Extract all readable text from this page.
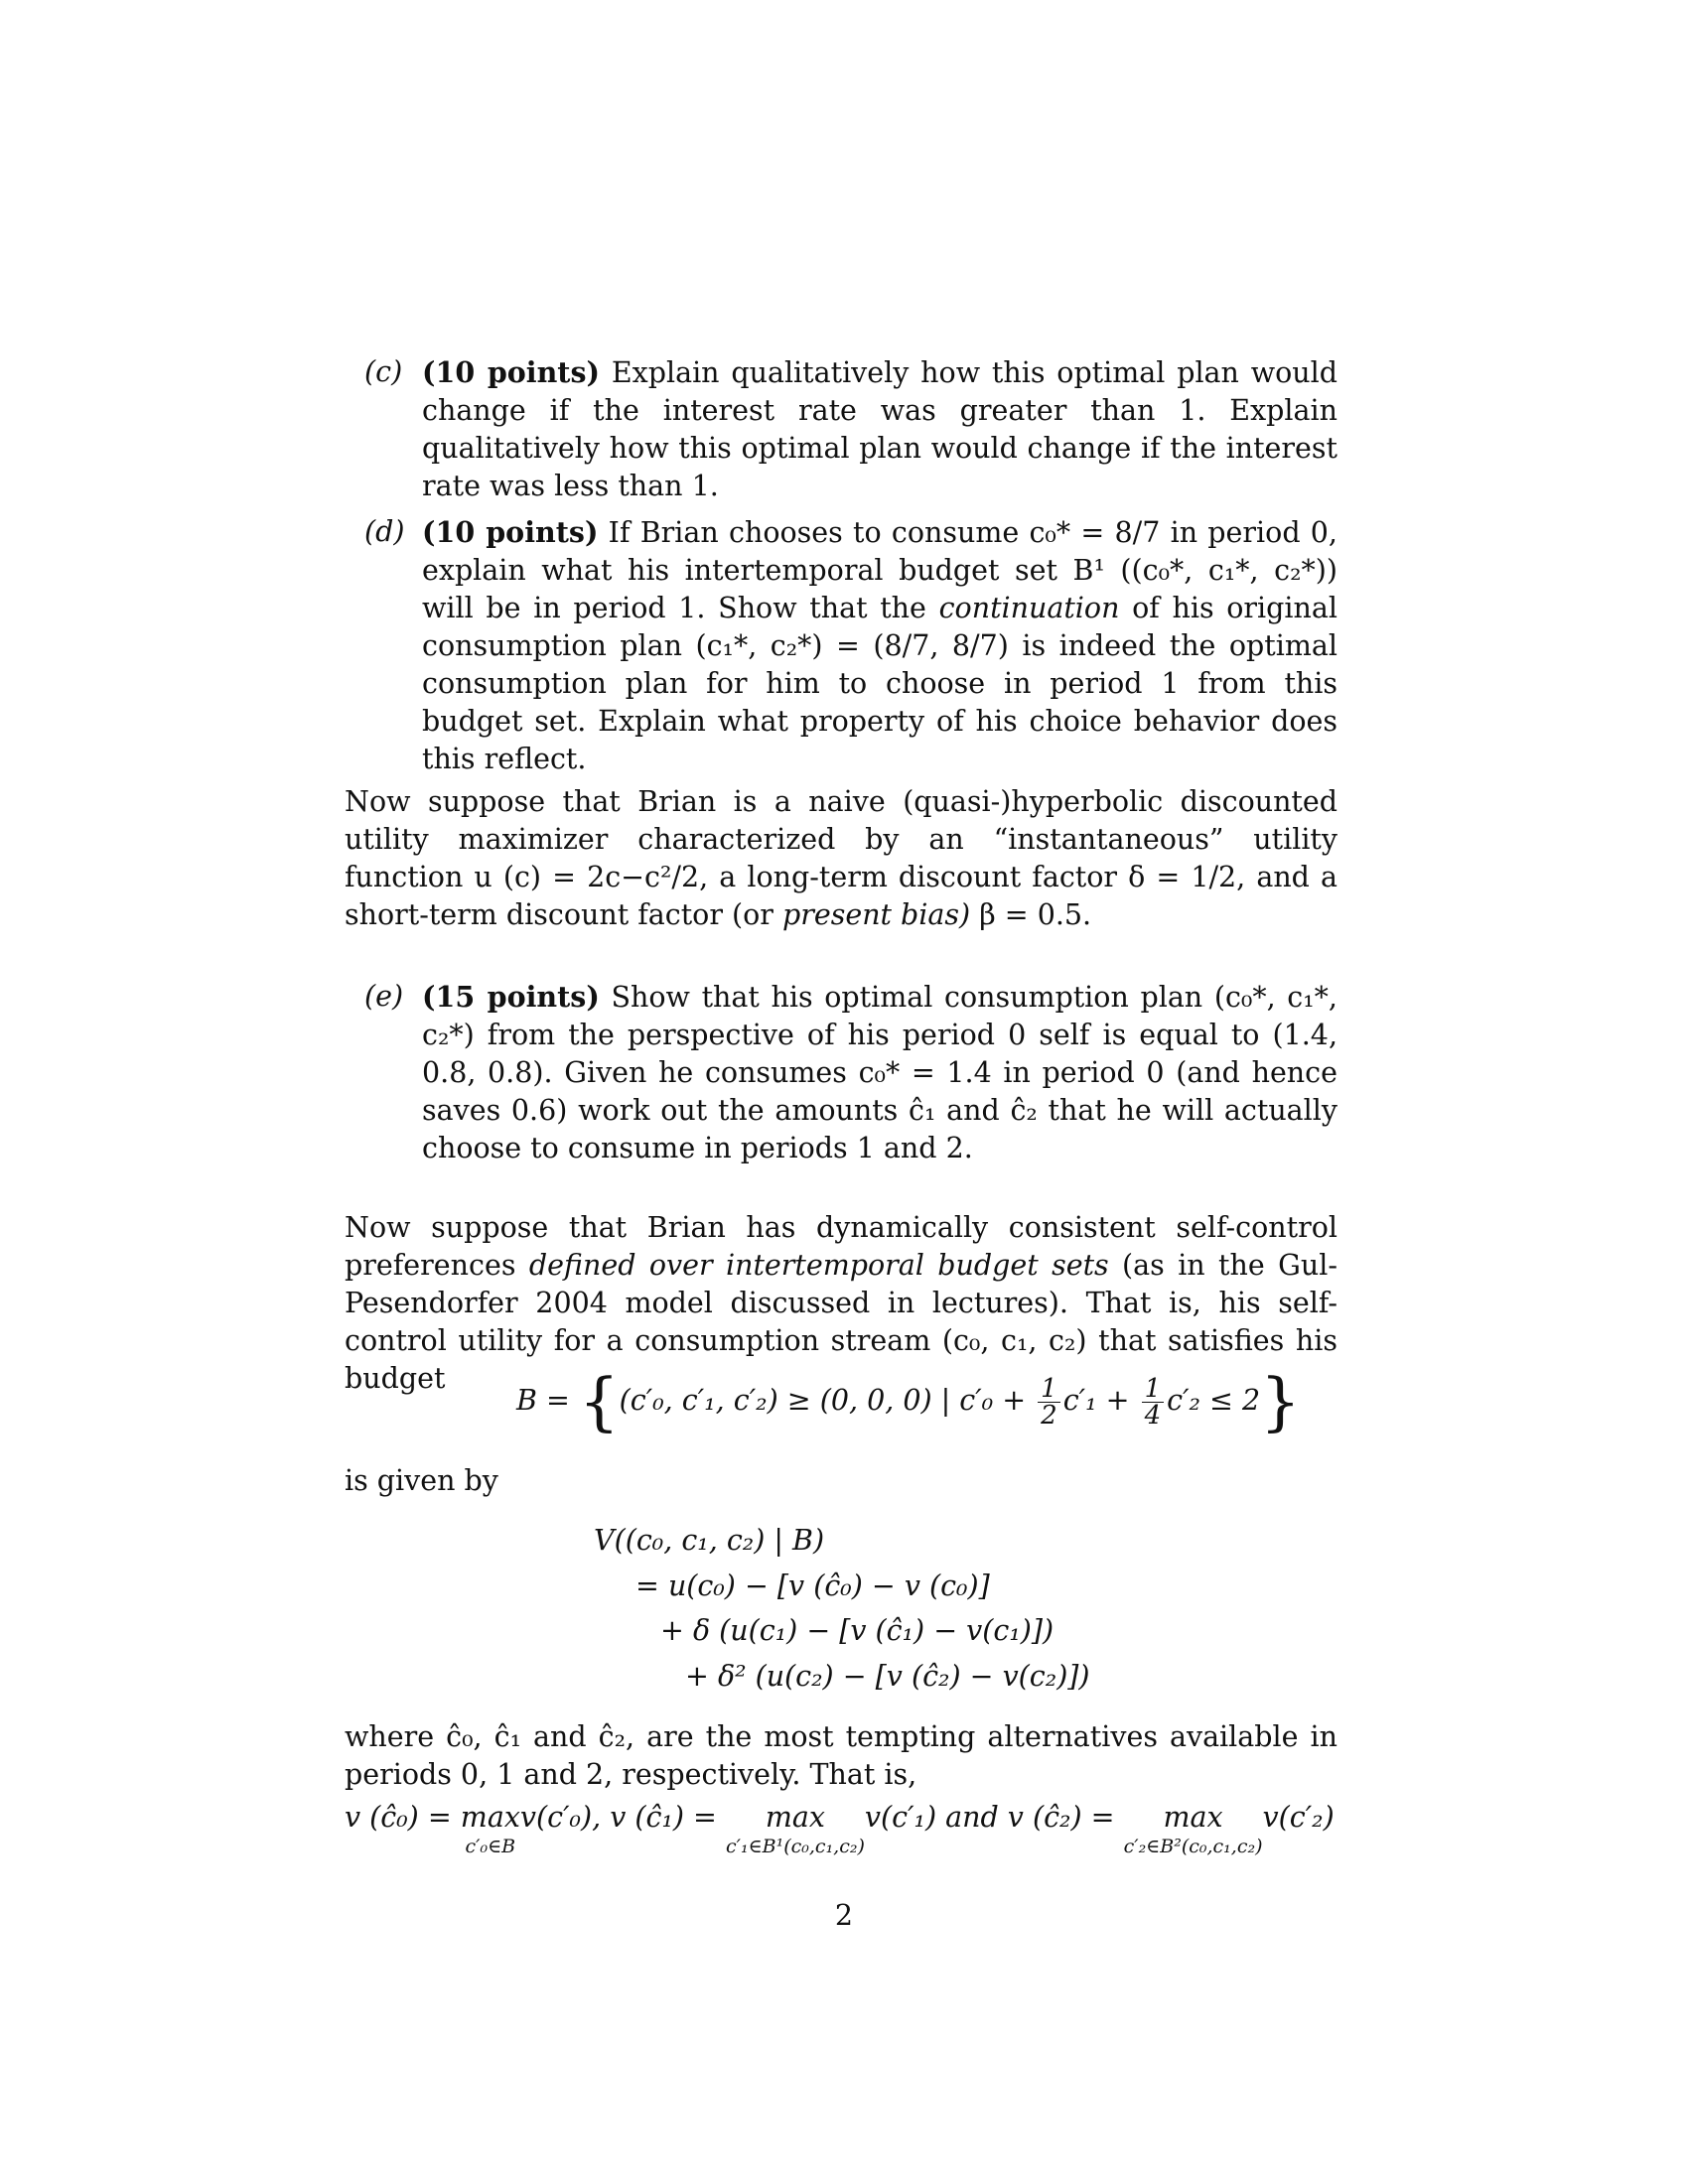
(c) (10 points) Explain qualitatively how this optimal plan would change if the interest rate was greater than 1. Explain qualitatively how this optimal plan would change if the interest rate was less than 1.
(d) (10 points) If Brian chooses to consume c₀* = 8/7 in period 0, explain what his intertemporal budget set B¹ ((c₀*, c₁*, c₂*)) will be in period 1. Show that the continuation of his original consumption plan (c₁*, c₂*) = (8/7, 8/7) is indeed the optimal consumption plan for him to choose in period 1 from this budget set. Explain what property of his choice behavior does this reflect.
Now suppose that Brian is a naive (quasi-)hyperbolic discounted utility maximizer characterized by an “instantaneous” utility function u (c) = 2c−c²/2, a long-term discount factor δ = 1/2, and a short-term discount factor (or present bias) β = 0.5.
(e) (15 points) Show that his optimal consumption plan (c₀*, c₁*, c₂*) from the perspective of his period 0 self is equal to (1.4, 0.8, 0.8). Given he consumes c₀* = 1.4 in period 0 (and hence saves 0.6) work out the amounts ĉ₁ and ĉ₂ that he will actually choose to consume in periods 1 and 2.
Now suppose that Brian has dynamically consistent self-control preferences defined over intertemporal budget sets (as in the Gul-Pesendorfer 2004 model discussed in lectures). That is, his self-control utility for a consumption stream (c₀, c₁, c₂) that satisfies his budget
B = {(c′₀, c′₁, c′₂) ≥ (0, 0, 0) | $c'_0 + \frac{1}{2} c'_1 + \frac{1}{4} c'_2 \le 2$}
is given by
V((c₀, c₁, c₂) | B)
= u(c₀) − [v (ĉ₀) − v (c₀)]
+ δ (u(c₁) − [v (ĉ₁) − v(c₁)])
+ δ² (u(c₂) − [v (ĉ₂) − v(c₂)])
where ĉ₀, ĉ₁ and ĉ₂, are the most tempting alternatives available in periods 0, 1 and 2, respectively. That is,
v (ĉ₀) = max
c′₀∈B
v(c′₀), v (ĉ₁) =	max
c′₁∈B¹(c₀,c₁,c₂)
v(c′₁) and v (ĉ₂) =	max
c′₂∈B²(c₀,c₁,c₂)
v(c′₂)
2
